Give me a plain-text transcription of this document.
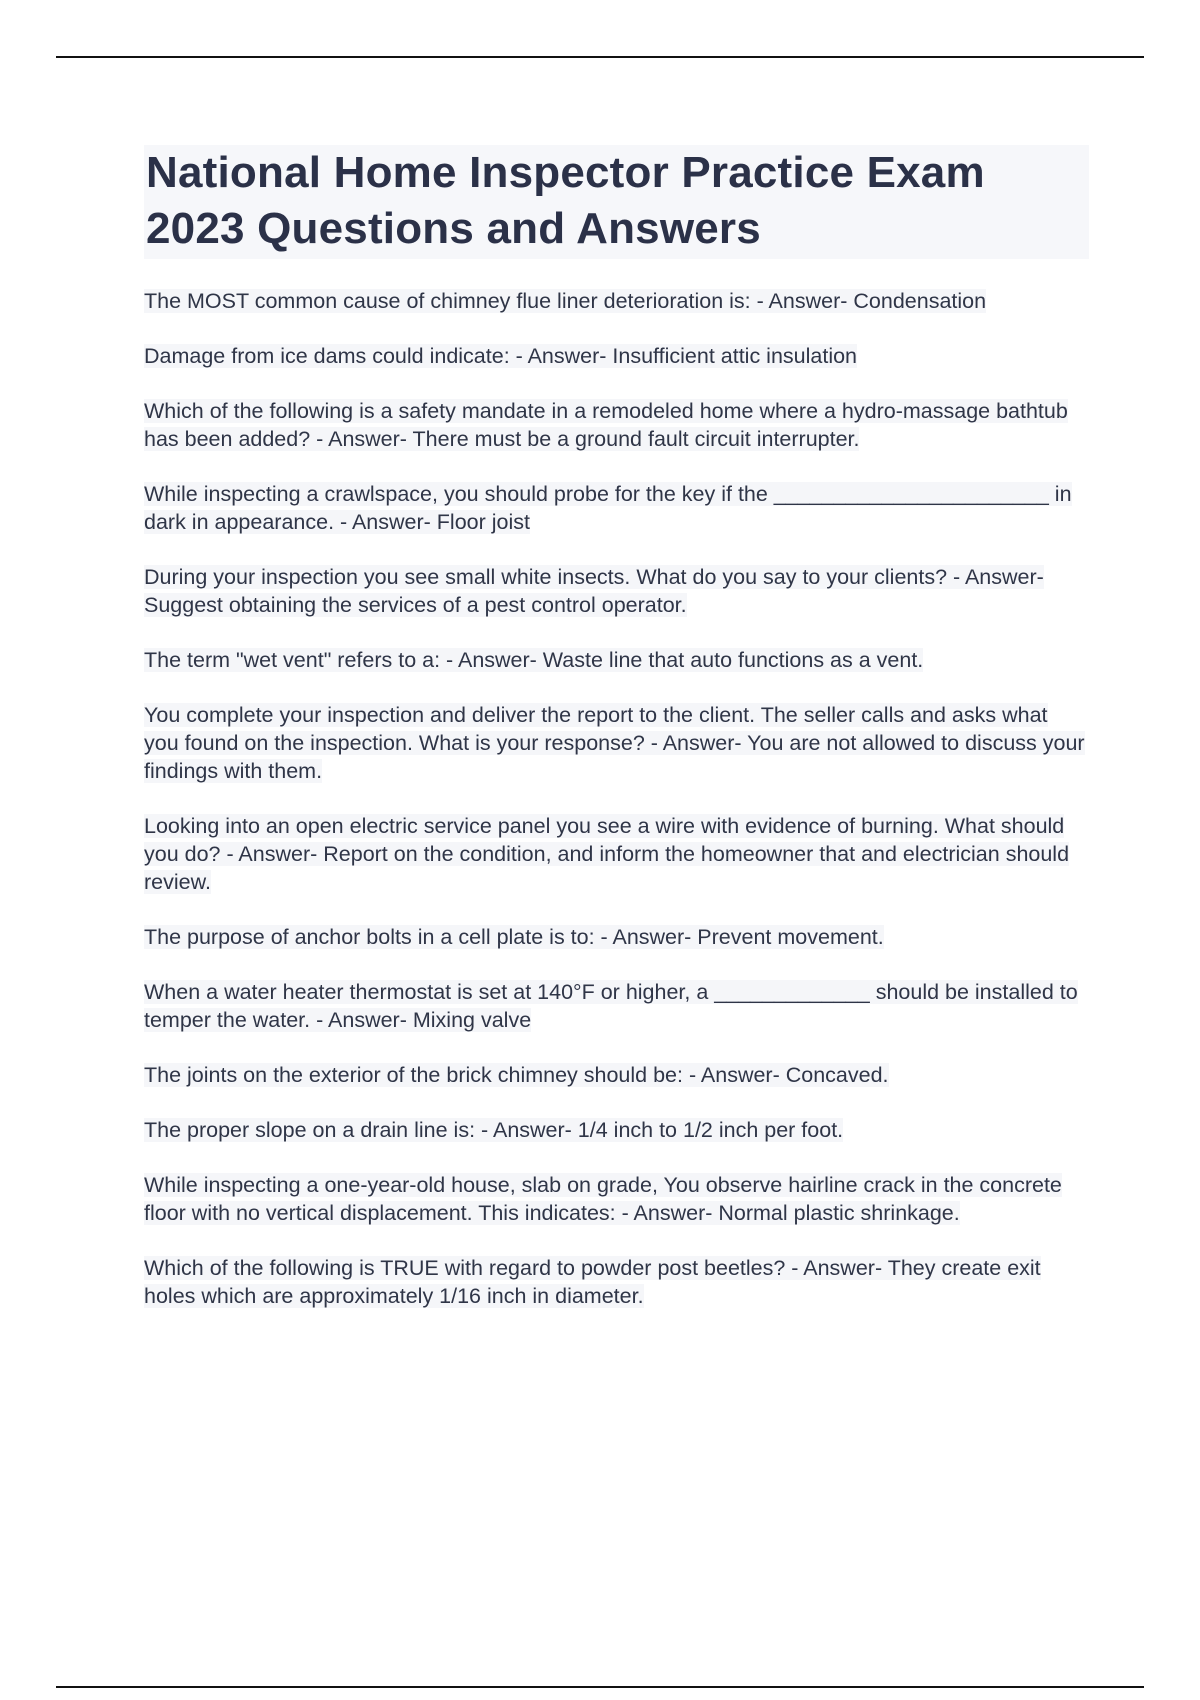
National Home Inspector Practice Exam 2023 Questions and Answers
The MOST common cause of chimney flue liner deterioration is: - Answer- Condensation
Damage from ice dams could indicate: - Answer- Insufficient attic insulation
Which of the following is a safety mandate in a remodeled home where a hydro-massage bathtub has been added? - Answer- There must be a ground fault circuit interrupter.
While inspecting a crawlspace, you should probe for the key if the _______________________ in dark in appearance. - Answer- Floor joist
During your inspection you see small white insects. What do you say to your clients? - Answer- Suggest obtaining the services of a pest control operator.
The term "wet vent" refers to a: - Answer- Waste line that auto functions as a vent.
You complete your inspection and deliver the report to the client. The seller calls and asks what you found on the inspection. What is your response? - Answer- You are not allowed to discuss your findings with them.
Looking into an open electric service panel you see a wire with evidence of burning. What should you do? - Answer- Report on the condition, and inform the homeowner that and electrician should review.
The purpose of anchor bolts in a cell plate is to: - Answer- Prevent movement.
When a water heater thermostat is set at 140°F or higher, a _____________ should be installed to temper the water. - Answer- Mixing valve
The joints on the exterior of the brick chimney should be: - Answer- Concaved.
The proper slope on a drain line is: - Answer- 1/4 inch to 1/2 inch per foot.
While inspecting a one-year-old house, slab on grade, You observe hairline crack in the concrete floor with no vertical displacement. This indicates: - Answer- Normal plastic shrinkage.
Which of the following is TRUE with regard to powder post beetles? - Answer- They create exit holes which are approximately 1/16 inch in diameter.
